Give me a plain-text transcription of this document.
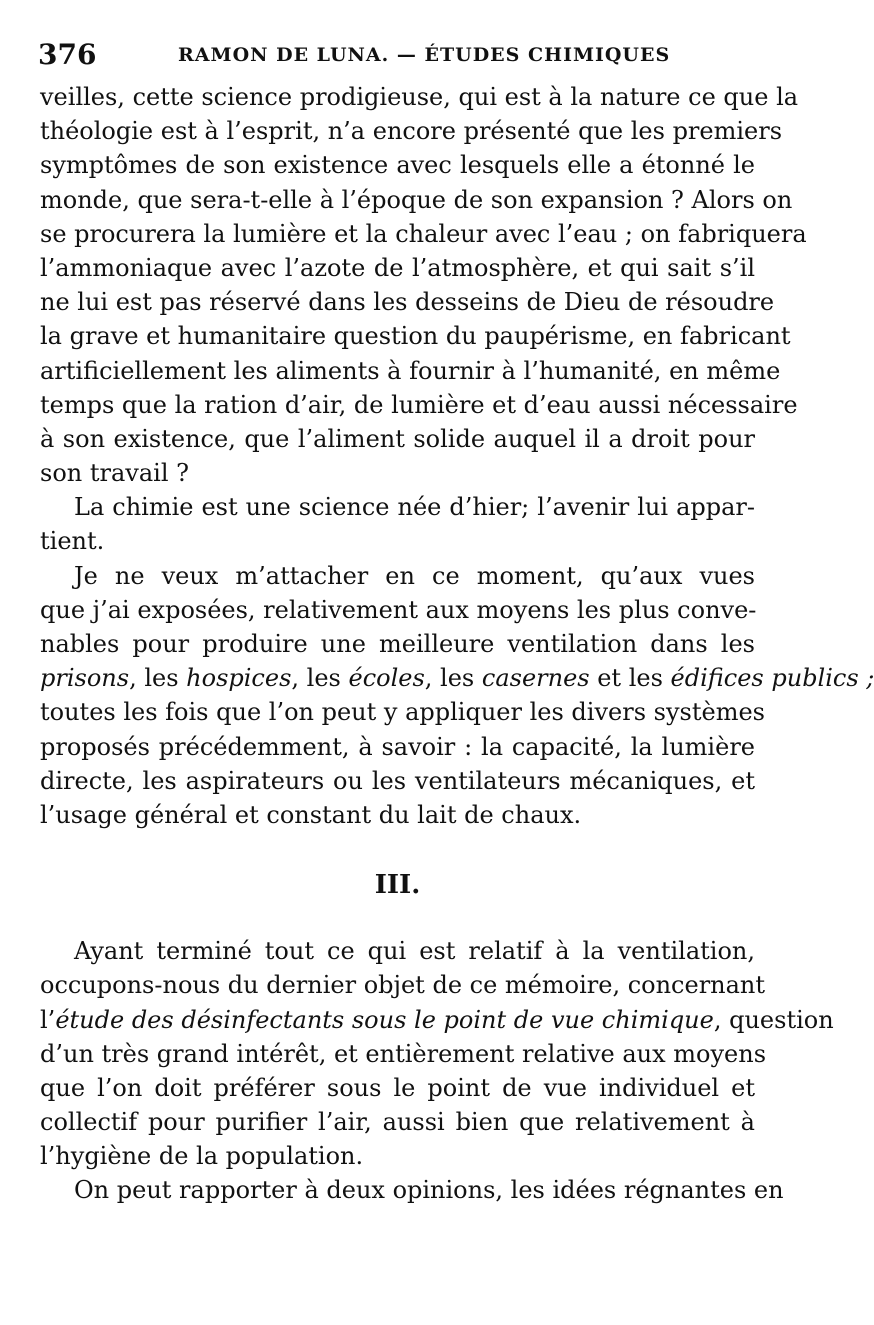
376	RAMON DE LUNA. — ÉTUDES CHIMIQUES

veilles, cette science prodigieuse, qui est à la nature ce que la
théologie est à l’esprit, n’a encore présenté que les premiers
symptômes de son existence avec lesquels elle a étonné le
monde, que sera-t-elle à l’époque de son expansion ? Alors on
se procurera la lumière et la chaleur avec l’eau ; on fabriquera
l’ammoniaque avec l’azote de l’atmosphère, et qui sait s’il
ne lui est pas réservé dans les desseins de Dieu de résoudre
la grave et humanitaire question du paupérisme, en fabricant
artificiellement les aliments à fournir à l’humanité, en même
temps que la ration d’air, de lumière et d’eau aussi nécessaire
à son existence, que l’aliment solide auquel il a droit pour
son travail ?

La chimie est une science née d’hier; l’avenir lui appar-
tient.

Je ne veux m’attacher en ce moment, qu’aux vues
que j’ai exposées, relativement aux moyens les plus conve-
nables pour produire une meilleure ventilation dans les
prisons, les hospices, les écoles, les casernes et les édifices publics ;
toutes les fois que l’on peut y appliquer les divers systèmes
proposés précédemment, à savoir : la capacité, la lumière
directe, les aspirateurs ou les ventilateurs mécaniques, et
l’usage général et constant du lait de chaux.

III.

Ayant terminé tout ce qui est relatif à la ventilation,
occupons-nous du dernier objet de ce mémoire, concernant
l’étude des désinfectants sous le point de vue chimique, question
d’un très grand intérêt, et entièrement relative aux moyens
que l’on doit préférer sous le point de vue individuel et
collectif pour purifier l’air, aussi bien que relativement à
l’hygiène de la population.

On peut rapporter à deux opinions, les idées régnantes en
